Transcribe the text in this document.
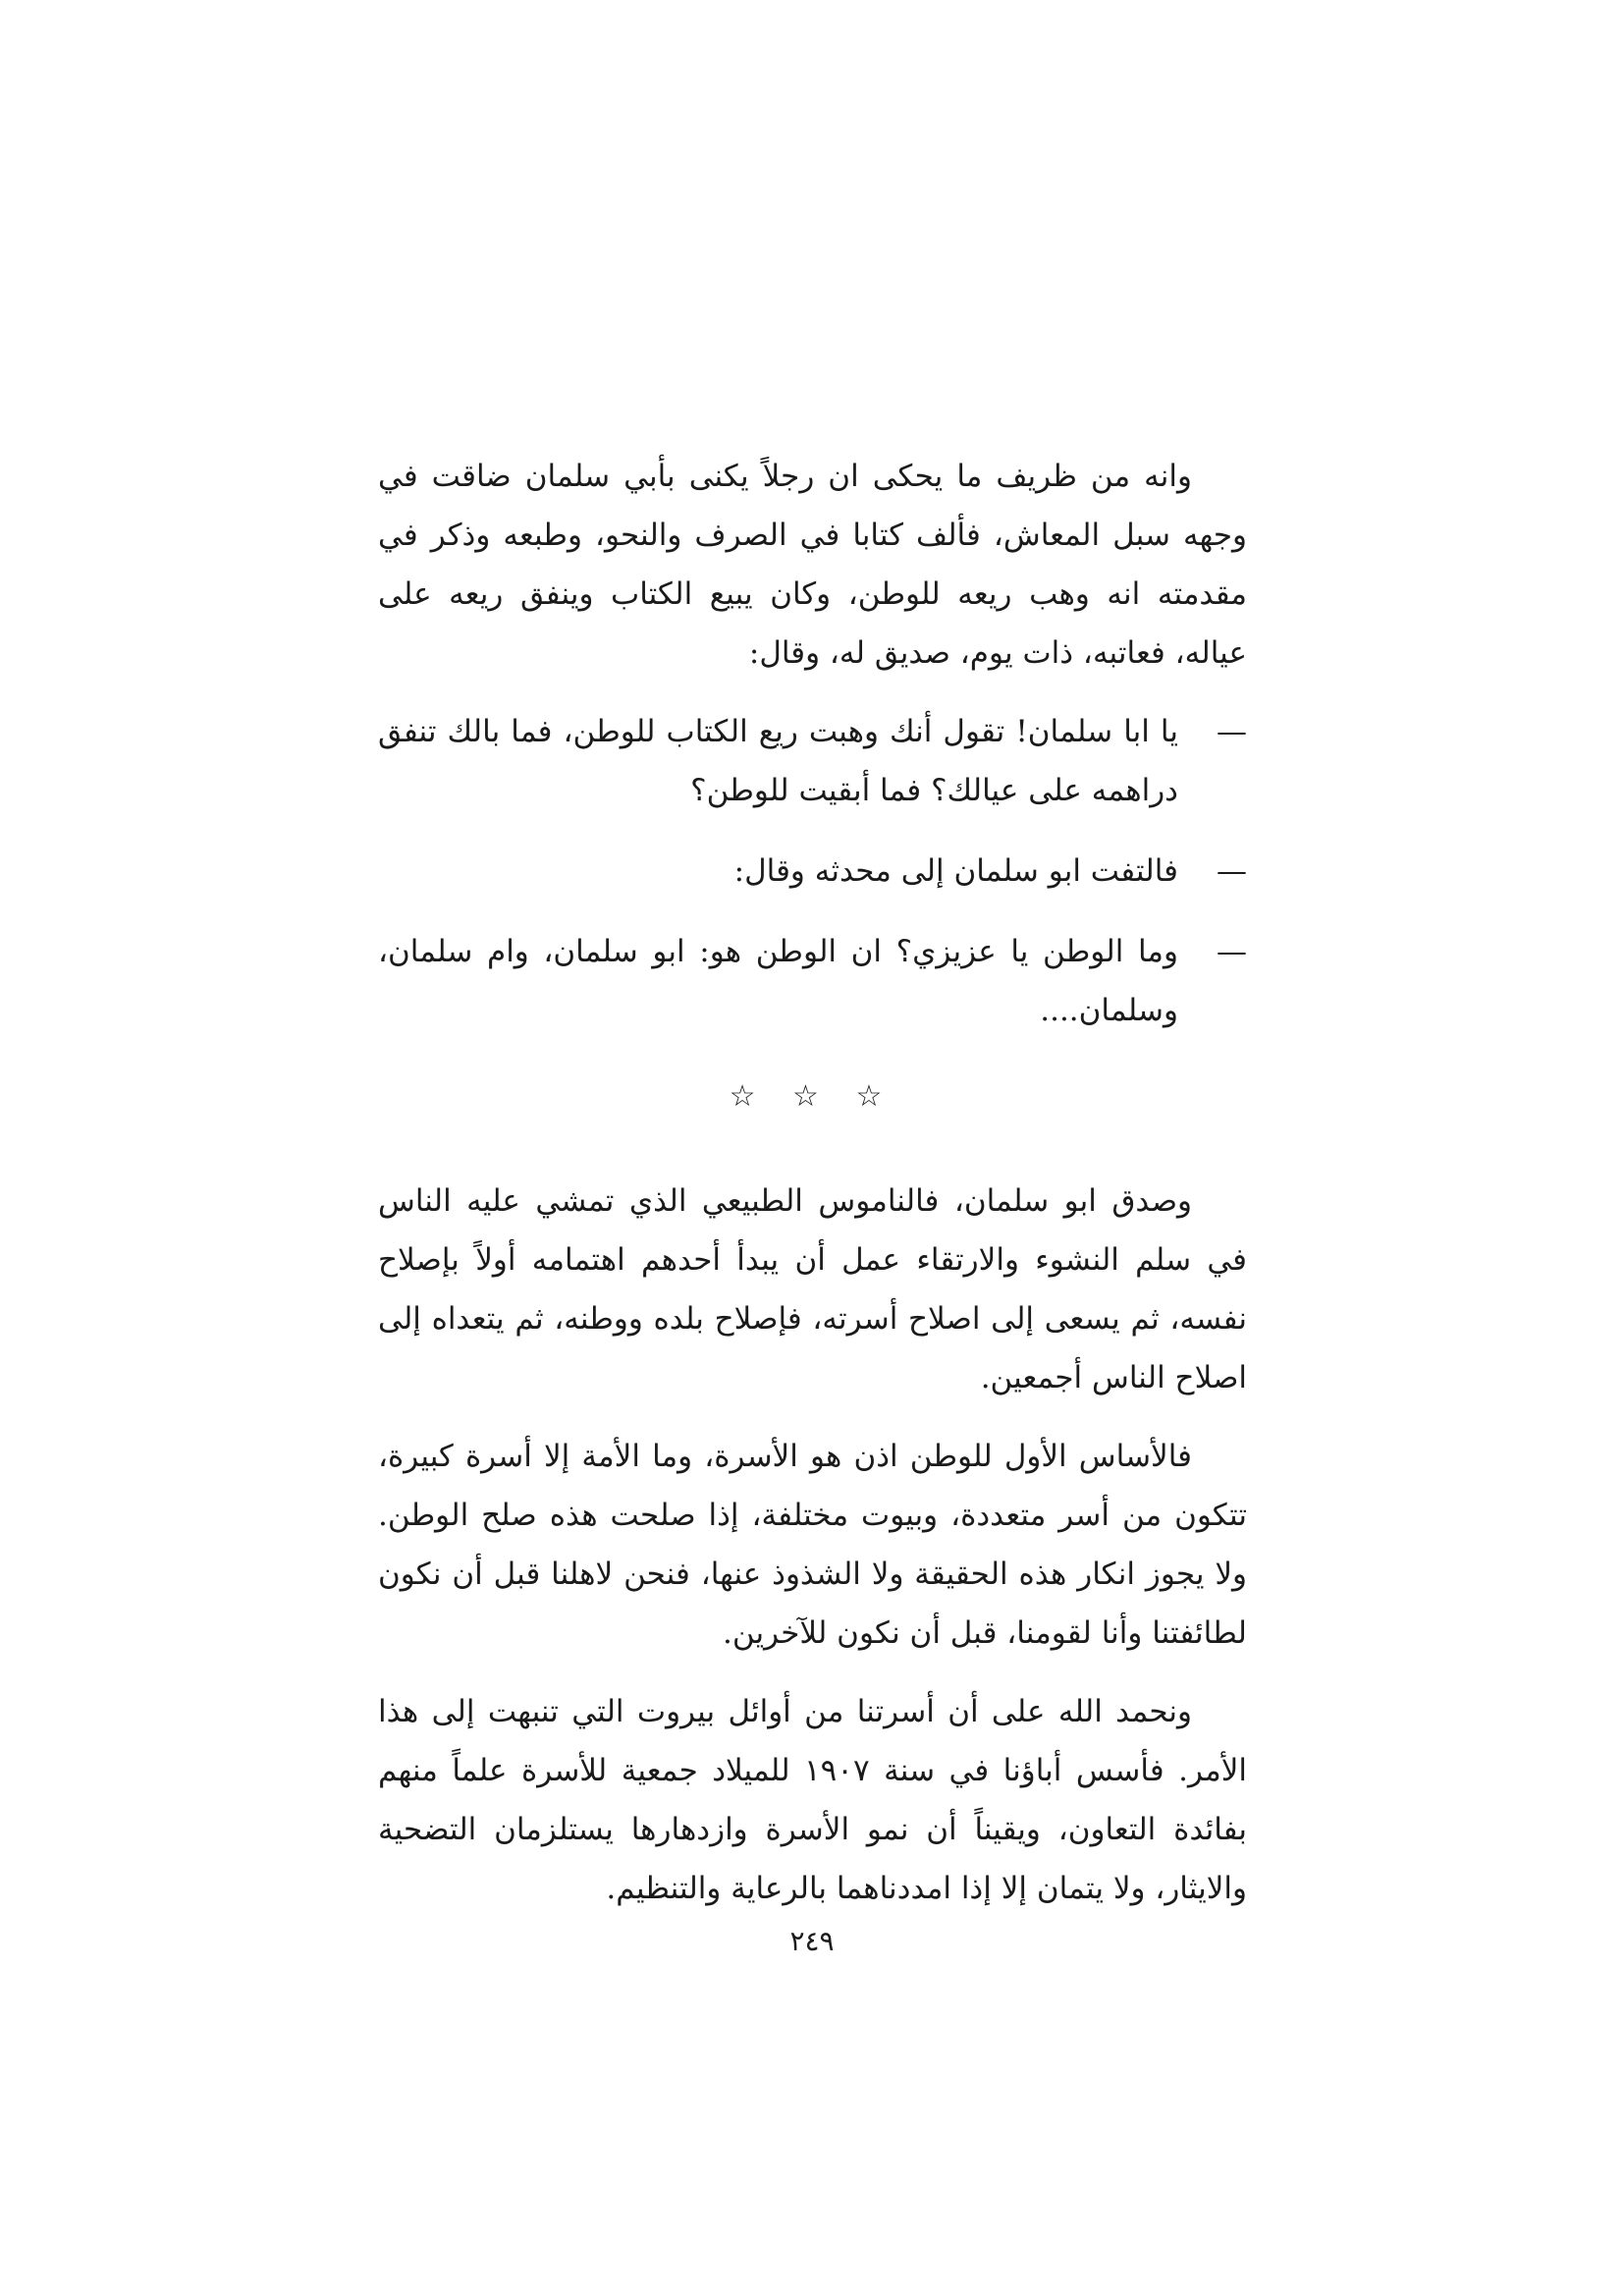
وانه من ظريف ما يحكى ان رجلاً يكنى بأبي سلمان ضاقت في وجهه سبل المعاش، فألف كتابا في الصرف والنحو، وطبعه وذكر في مقدمته انه وهب ريعه للوطن، وكان يبيع الكتاب وينفق ريعه على عياله، فعاتبه، ذات يوم، صديق له، وقال:

—
يا ابا سلمان! تقول أنك وهبت ريع الكتاب للوطن، فما بالك تنفق دراهمه على عيالك؟ فما أبقيت للوطن؟
—
فالتفت ابو سلمان إلى محدثه وقال:
—
وما الوطن يا عزيزي؟ ان الوطن هو: ابو سلمان، وام سلمان، وسلمان....
☆ ☆ ☆

وصدق ابو سلمان، فالناموس الطبيعي الذي تمشي عليه الناس في سلم النشوء والارتقاء عمل أن يبدأ أحدهم اهتمامه أولاً بإصلاح نفسه، ثم يسعى إلى اصلاح أسرته، فإصلاح بلده ووطنه، ثم يتعداه إلى اصلاح الناس أجمعين.

فالأساس الأول للوطن اذن هو الأسرة، وما الأمة إلا أسرة كبيرة، تتكون من أسر متعددة، وبيوت مختلفة، إذا صلحت هذه صلح الوطن. ولا يجوز انكار هذه الحقيقة ولا الشذوذ عنها، فنحن لاهلنا قبل أن نكون لطائفتنا وأنا لقومنا، قبل أن نكون للآخرين.

ونحمد الله على أن أسرتنا من أوائل بيروت التي تنبهت إلى هذا الأمر. فأسس أباؤنا في سنة ١٩٠٧ للميلاد جمعية للأسرة علماً منهم بفائدة التعاون، ويقيناً أن نمو الأسرة وازدهارها يستلزمان التضحية والايثار، ولا يتمان إلا إذا امددناهما بالرعاية والتنظيم.

٢٤٩
